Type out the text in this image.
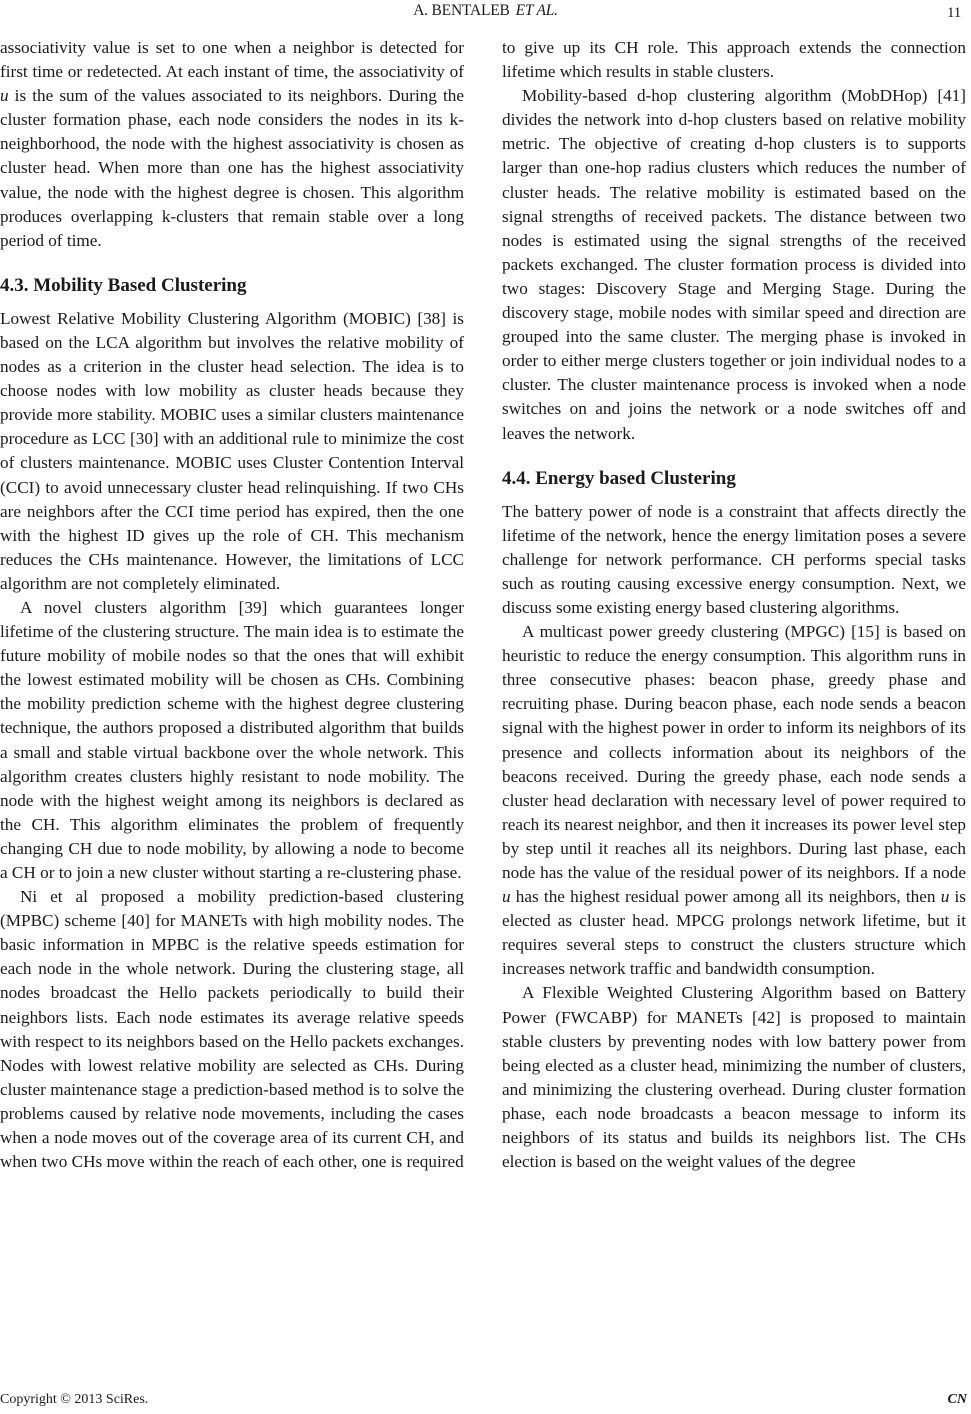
A. BENTALEB ET AL.	11

associativity value is set to one when a neighbor is detected for first time or redetected. At each instant of time, the associativity of u is the sum of the values associated to its neighbors. During the cluster formation phase, each node considers the nodes in its k-neighborhood, the node with the highest associativity is chosen as cluster head. When more than one has the highest associativity value, the node with the highest degree is chosen. This algorithm produces overlapping k-clusters that remain stable over a long period of time.

4.3. Mobility Based Clustering

Lowest Relative Mobility Clustering Algorithm (MOBIC) [38] is based on the LCA algorithm but involves the relative mobility of nodes as a criterion in the cluster head selection. The idea is to choose nodes with low mobility as cluster heads because they provide more stability. MOBIC uses a similar clusters maintenance procedure as LCC [30] with an additional rule to minimize the cost of clusters maintenance. MOBIC uses Cluster Contention Interval (CCI) to avoid unnecessary cluster head relinquishing. If two CHs are neighbors after the CCI time period has expired, then the one with the highest ID gives up the role of CH. This mechanism reduces the CHs maintenance. However, the limitations of LCC algorithm are not completely eliminated.

A novel clusters algorithm [39] which guarantees longer lifetime of the clustering structure. The main idea is to estimate the future mobility of mobile nodes so that the ones that will exhibit the lowest estimated mobility will be chosen as CHs. Combining the mobility prediction scheme with the highest degree clustering technique, the authors proposed a distributed algorithm that builds a small and stable virtual backbone over the whole network. This algorithm creates clusters highly resistant to node mobility. The node with the highest weight among its neighbors is declared as the CH. This algorithm eliminates the problem of frequently changing CH due to node mobility, by allowing a node to become a CH or to join a new cluster without starting a re-clustering phase.

Ni et al proposed a mobility prediction-based clustering (MPBC) scheme [40] for MANETs with high mobility nodes. The basic information in MPBC is the relative speeds estimation for each node in the whole network. During the clustering stage, all nodes broadcast the Hello packets periodically to build their neighbors lists. Each node estimates its average relative speeds with respect to its neighbors based on the Hello packets exchanges. Nodes with lowest relative mobility are selected as CHs. During cluster maintenance stage a prediction-based method is to solve the problems caused by relative node movements, including the cases when a node moves out of the coverage area of its current CH, and when two CHs move within the reach of each other, one is required

to give up its CH role. This approach extends the connection lifetime which results in stable clusters.

Mobility-based d-hop clustering algorithm (MobDHop) [41] divides the network into d-hop clusters based on relative mobility metric. The objective of creating d-hop clusters is to supports larger than one-hop radius clusters which reduces the number of cluster heads. The relative mobility is estimated based on the signal strengths of received packets. The distance between two nodes is estimated using the signal strengths of the received packets exchanged. The cluster formation process is divided into two stages: Discovery Stage and Merging Stage. During the discovery stage, mobile nodes with similar speed and direction are grouped into the same cluster. The merging phase is invoked in order to either merge clusters together or join individual nodes to a cluster. The cluster maintenance process is invoked when a node switches on and joins the network or a node switches off and leaves the network.

4.4. Energy based Clustering

The battery power of node is a constraint that affects directly the lifetime of the network, hence the energy limitation poses a severe challenge for network performance. CH performs special tasks such as routing causing excessive energy consumption. Next, we discuss some existing energy based clustering algorithms.

A multicast power greedy clustering (MPGC) [15] is based on heuristic to reduce the energy consumption. This algorithm runs in three consecutive phases: beacon phase, greedy phase and recruiting phase. During beacon phase, each node sends a beacon signal with the highest power in order to inform its neighbors of its presence and collects information about its neighbors of the beacons received. During the greedy phase, each node sends a cluster head declaration with necessary level of power required to reach its nearest neighbor, and then it increases its power level step by step until it reaches all its neighbors. During last phase, each node has the value of the residual power of its neighbors. If a node u has the highest residual power among all its neighbors, then u is elected as cluster head. MPCG prolongs network lifetime, but it requires several steps to construct the clusters structure which increases network traffic and bandwidth consumption.

A Flexible Weighted Clustering Algorithm based on Battery Power (FWCABP) for MANETs [42] is proposed to maintain stable clusters by preventing nodes with low battery power from being elected as a cluster head, minimizing the number of clusters, and minimizing the clustering overhead. During cluster formation phase, each node broadcasts a beacon message to inform its neighbors of its status and builds its neighbors list. The CHs election is based on the weight values of the degree

Copyright © 2013 SciRes.	CN
